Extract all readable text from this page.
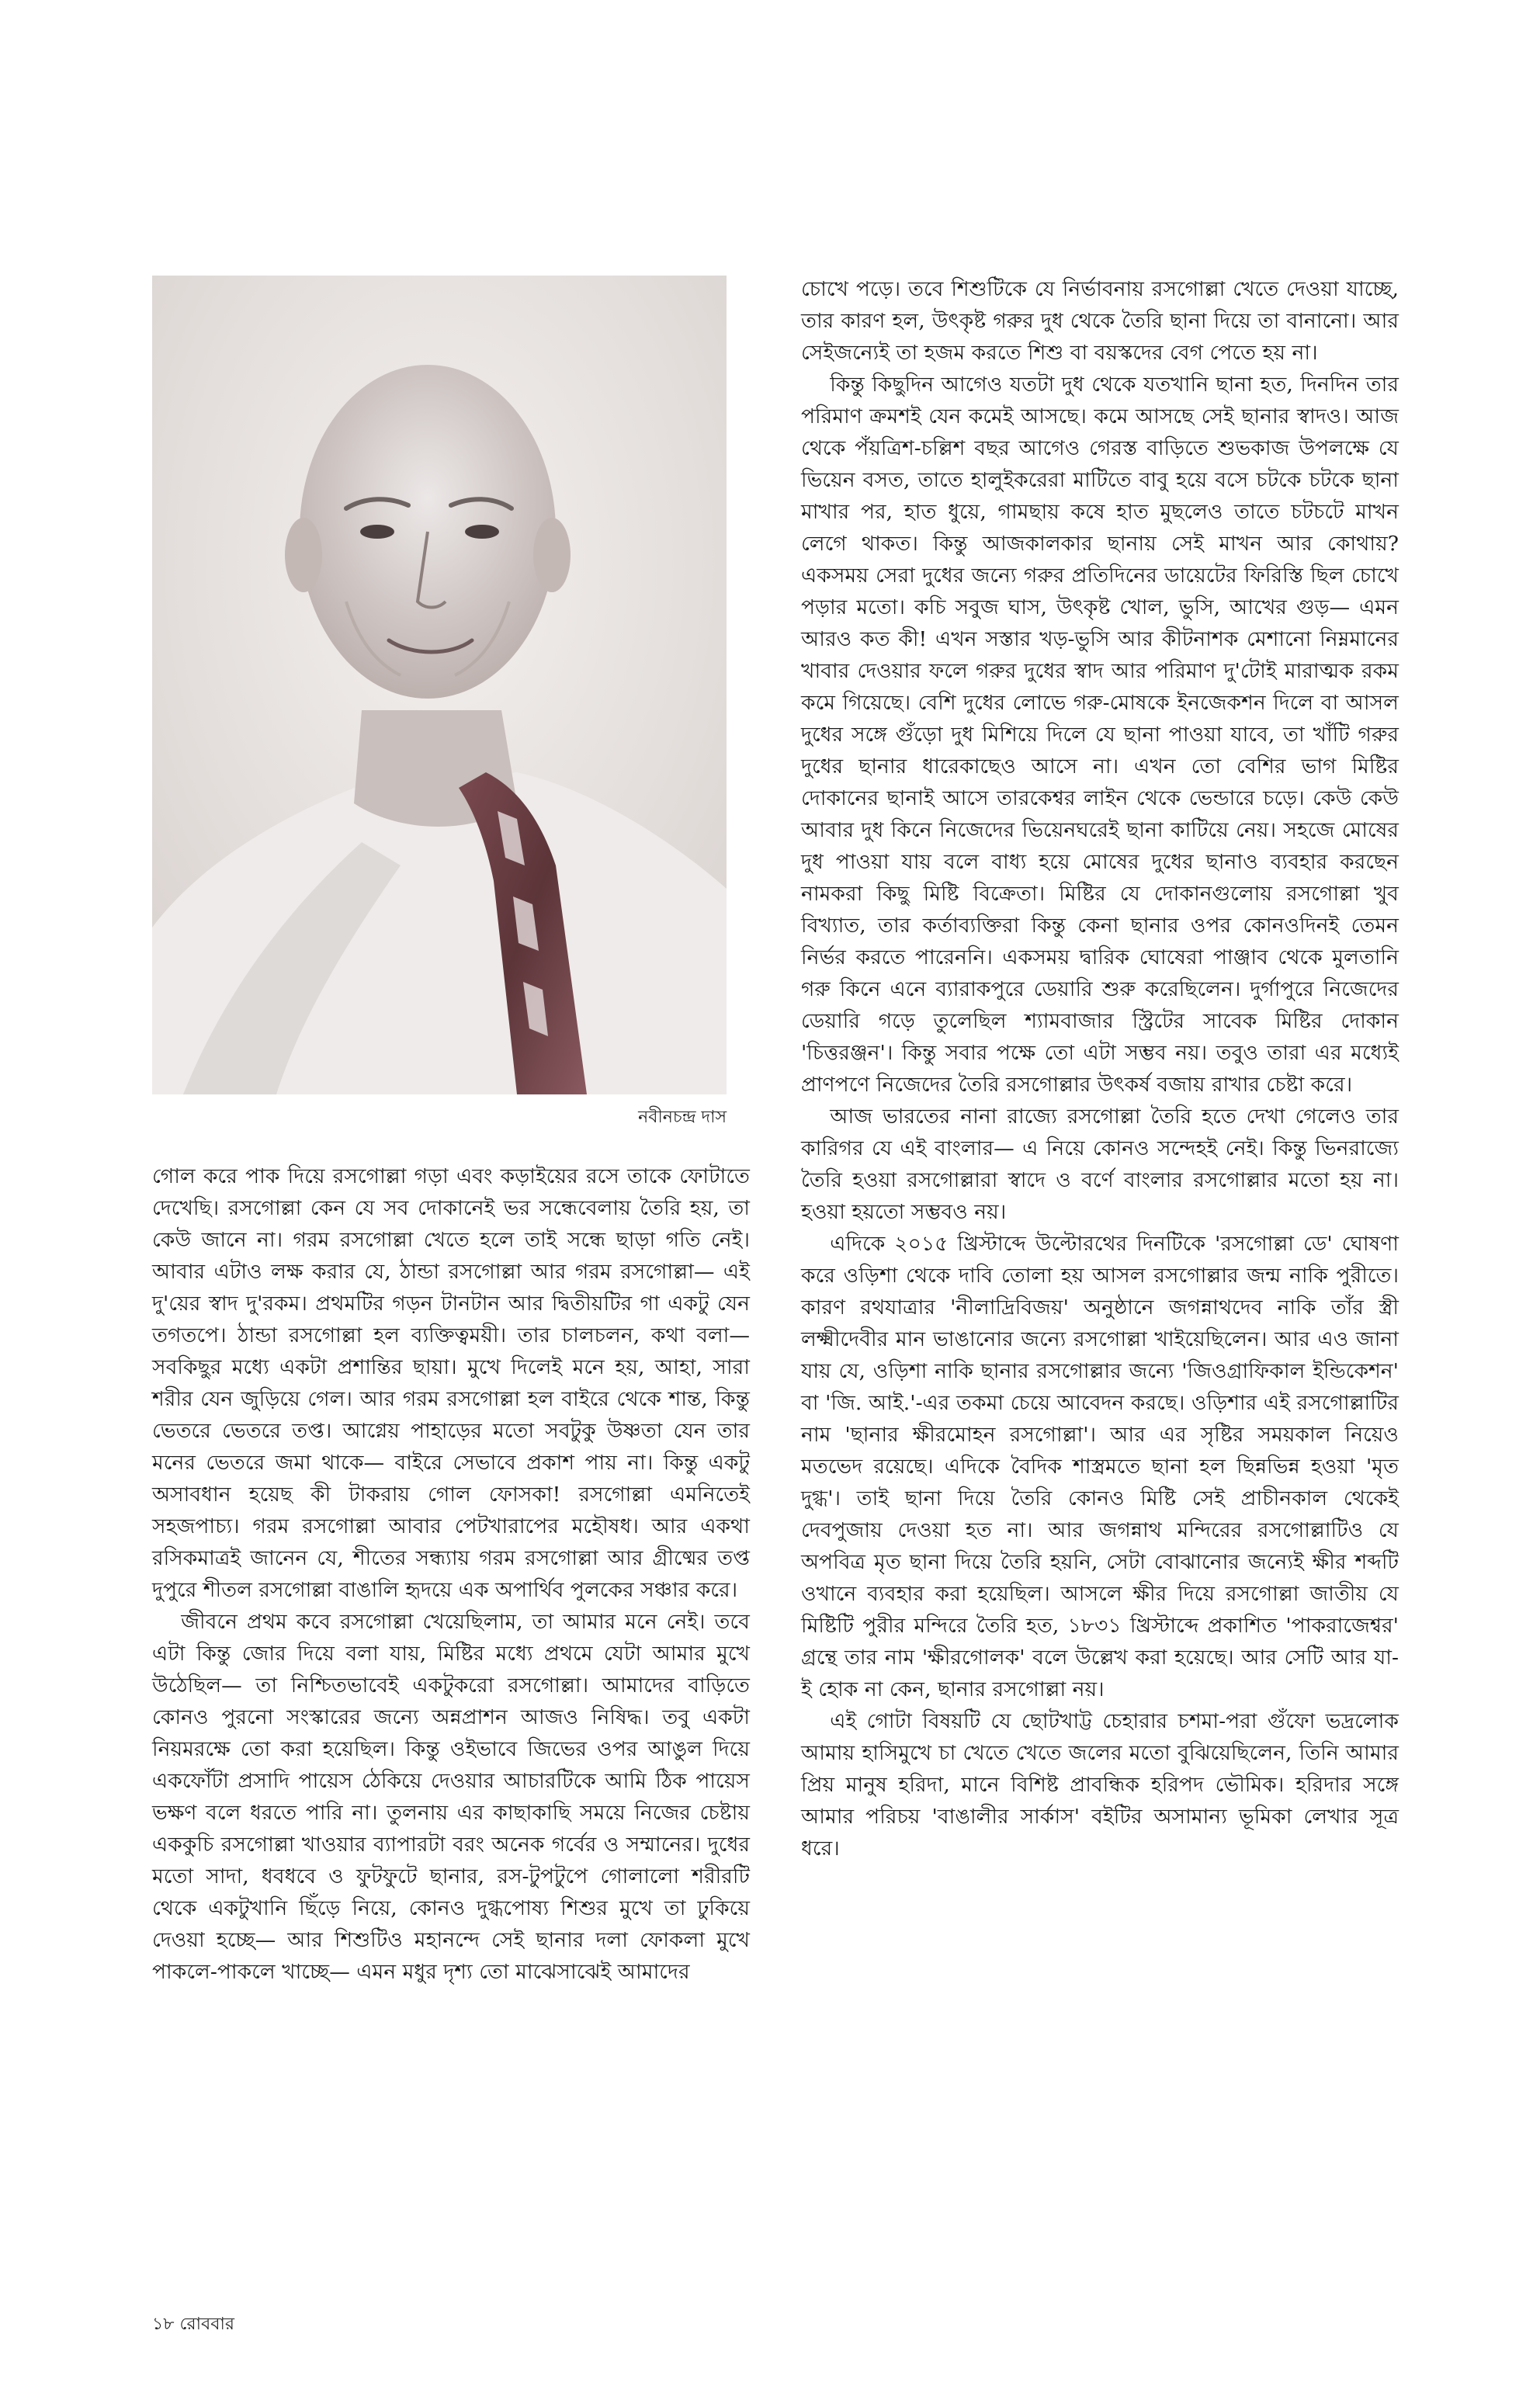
নবীনচন্দ্র দাস

গোল করে পাক দিয়ে রসগোল্লা গড়া এবং কড়াইয়ের রসে তাকে ফোটাতে দেখেছি। রসগোল্লা কেন যে সব দোকানেই ভর সন্ধেবেলায় তৈরি হয়, তা কেউ জানে না। গরম রসগোল্লা খেতে হলে তাই সন্ধে ছাড়া গতি নেই। আবার এটাও লক্ষ করার যে, ঠান্ডা রসগোল্লা আর গরম রসগোল্লা— এই দু'য়ের স্বাদ দু'রকম। প্রথমটির গড়ন টানটান আর দ্বিতীয়টির গা একটু যেন তগতপে। ঠান্ডা রসগোল্লা হল ব্যক্তিত্বময়ী। তার চালচলন, কথা বলা— সবকিছুর মধ্যে একটা প্রশান্তির ছায়া। মুখে দিলেই মনে হয়, আহা, সারা শরীর যেন জুড়িয়ে গেল। আর গরম রসগোল্লা হল বাইরে থেকে শান্ত, কিন্তু ভেতরে ভেতরে তপ্ত। আগ্নেয় পাহাড়ের মতো সবটুকু উষ্ণতা যেন তার মনের ভেতরে জমা থাকে— বাইরে সেভাবে প্রকাশ পায় না। কিন্তু একটু অসাবধান হয়েছ কী টাকরায় গোল ফোসকা! রসগোল্লা এমনিতেই সহজপাচ্য। গরম রসগোল্লা আবার পেটখারাপের মহৌষধ। আর একথা রসিকমাত্রই জানেন যে, শীতের সন্ধ্যায় গরম রসগোল্লা আর গ্রীষ্মের তপ্ত দুপুরে শীতল রসগোল্লা বাঙালি হৃদয়ে এক অপার্থিব পুলকের সঞ্চার করে।

জীবনে প্রথম কবে রসগোল্লা খেয়েছিলাম, তা আমার মনে নেই। তবে এটা কিন্তু জোর দিয়ে বলা যায়, মিষ্টির মধ্যে প্রথমে যেটা আমার মুখে উঠেছিল— তা নিশ্চিতভাবেই একটুকরো রসগোল্লা। আমাদের বাড়িতে কোনও পুরনো সংস্কারের জন্যে অন্নপ্রাশন আজও নিষিদ্ধ। তবু একটা নিয়মরক্ষে তো করা হয়েছিল। কিন্তু ওইভাবে জিভের ওপর আঙুল দিয়ে একফোঁটা প্রসাদি পায়েস ঠেকিয়ে দেওয়ার আচারটিকে আমি ঠিক পায়েস ভক্ষণ বলে ধরতে পারি না। তুলনায় এর কাছাকাছি সময়ে নিজের চেষ্টায় এককুচি রসগোল্লা খাওয়ার ব্যাপারটা বরং অনেক গর্বের ও সম্মানের। দুধের মতো সাদা, ধবধবে ও ফুটফুটে ছানার, রস-টুপটুপে গোলালো শরীরটি থেকে একটুখানি ছিঁড়ে নিয়ে, কোনও দুগ্ধপোষ্য শিশুর মুখে তা ঢুকিয়ে দেওয়া হচ্ছে— আর শিশুটিও মহানন্দে সেই ছানার দলা ফোকলা মুখে পাকলে-পাকলে খাচ্ছে— এমন মধুর দৃশ্য তো মাঝেসাঝেই আমাদের

চোখে পড়ে। তবে শিশুটিকে যে নির্ভাবনায় রসগোল্লা খেতে দেওয়া যাচ্ছে, তার কারণ হল, উৎকৃষ্ট গরুর দুধ থেকে তৈরি ছানা দিয়ে তা বানানো। আর সেইজন্যেই তা হজম করতে শিশু বা বয়স্কদের বেগ পেতে হয় না।

কিন্তু কিছুদিন আগেও যতটা দুধ থেকে যতখানি ছানা হত, দিনদিন তার পরিমাণ ক্রমশই যেন কমেই আসছে। কমে আসছে সেই ছানার স্বাদও। আজ থেকে পঁয়ত্রিশ-চল্লিশ বছর আগেও গেরস্ত বাড়িতে শুভকাজ উপলক্ষে যে ভিয়েন বসত, তাতে হালুইকরেরা মাটিতে বাবু হয়ে বসে চটকে চটকে ছানা মাখার পর, হাত ধুয়ে, গামছায় কষে হাত মুছলেও তাতে চটচটে মাখন লেগে থাকত। কিন্তু আজকালকার ছানায় সেই মাখন আর কোথায়? একসময় সেরা দুধের জন্যে গরুর প্রতিদিনের ডায়েটের ফিরিস্তি ছিল চোখে পড়ার মতো। কচি সবুজ ঘাস, উৎকৃষ্ট খোল, ভুসি, আখের গুড়— এমন আরও কত কী! এখন সস্তার খড়-ভুসি আর কীটনাশক মেশানো নিম্নমানের খাবার দেওয়ার ফলে গরুর দুধের স্বাদ আর পরিমাণ দু'টোই মারাত্মক রকম কমে গিয়েছে। বেশি দুধের লোভে গরু-মোষকে ইনজেকশন দিলে বা আসল দুধের সঙ্গে গুঁড়ো দুধ মিশিয়ে দিলে যে ছানা পাওয়া যাবে, তা খাঁটি গরুর দুধের ছানার ধারেকাছেও আসে না। এখন তো বেশির ভাগ মিষ্টির দোকানের ছানাই আসে তারকেশ্বর লাইন থেকে ভেন্ডারে চড়ে। কেউ কেউ আবার দুধ কিনে নিজেদের ভিয়েনঘরেই ছানা কাটিয়ে নেয়। সহজে মোষের দুধ পাওয়া যায় বলে বাধ্য হয়ে মোষের দুধের ছানাও ব্যবহার করছেন নামকরা কিছু মিষ্টি বিক্রেতা। মিষ্টির যে দোকানগুলোয় রসগোল্লা খুব বিখ্যাত, তার কর্তাব্যক্তিরা কিন্তু কেনা ছানার ওপর কোনওদিনই তেমন নির্ভর করতে পারেননি। একসময় দ্বারিক ঘোষেরা পাঞ্জাব থেকে মুলতানি গরু কিনে এনে ব্যারাকপুরে ডেয়ারি শুরু করেছিলেন। দুর্গাপুরে নিজেদের ডেয়ারি গড়ে তুলেছিল শ্যামবাজার স্ট্রিটের সাবেক মিষ্টির দোকান 'চিত্তরঞ্জন'। কিন্তু সবার পক্ষে তো এটা সম্ভব নয়। তবুও তারা এর মধ্যেই প্রাণপণে নিজেদের তৈরি রসগোল্লার উৎকর্ষ বজায় রাখার চেষ্টা করে।

আজ ভারতের নানা রাজ্যে রসগোল্লা তৈরি হতে দেখা গেলেও তার কারিগর যে এই বাংলার— এ নিয়ে কোনও সন্দেহই নেই। কিন্তু ভিনরাজ্যে তৈরি হওয়া রসগোল্লারা স্বাদে ও বর্ণে বাংলার রসগোল্লার মতো হয় না। হওয়া হয়তো সম্ভবও নয়।

এদিকে ২০১৫ খ্রিস্টাব্দে উল্টোরথের দিনটিকে 'রসগোল্লা ডে' ঘোষণা করে ওড়িশা থেকে দাবি তোলা হয় আসল রসগোল্লার জন্ম নাকি পুরীতে। কারণ রথযাত্রার 'নীলাদ্রিবিজয়' অনুষ্ঠানে জগন্নাথদেব নাকি তাঁর স্ত্রী লক্ষ্মীদেবীর মান ভাঙানোর জন্যে রসগোল্লা খাইয়েছিলেন। আর এও জানা যায় যে, ওড়িশা নাকি ছানার রসগোল্লার জন্যে 'জিওগ্রাফিকাল ইন্ডিকেশন' বা 'জি. আই.'-এর তকমা চেয়ে আবেদন করছে। ওড়িশার এই রসগোল্লাটির নাম 'ছানার ক্ষীরমোহন রসগোল্লা'। আর এর সৃষ্টির সময়কাল নিয়েও মতভেদ রয়েছে। এদিকে বৈদিক শাস্ত্রমতে ছানা হল ছিন্নভিন্ন হওয়া 'মৃত দুগ্ধ'। তাই ছানা দিয়ে তৈরি কোনও মিষ্টি সেই প্রাচীনকাল থেকেই দেবপুজায় দেওয়া হত না। আর জগন্নাথ মন্দিরের রসগোল্লাটিও যে অপবিত্র মৃত ছানা দিয়ে তৈরি হয়নি, সেটা বোঝানোর জন্যেই ক্ষীর শব্দটি ওখানে ব্যবহার করা হয়েছিল। আসলে ক্ষীর দিয়ে রসগোল্লা জাতীয় যে মিষ্টিটি পুরীর মন্দিরে তৈরি হত, ১৮৩১ খ্রিস্টাব্দে প্রকাশিত 'পাকরাজেশ্বর' গ্রন্থে তার নাম 'ক্ষীরগোলক' বলে উল্লেখ করা হয়েছে। আর সেটি আর যা-ই হোক না কেন, ছানার রসগোল্লা নয়।

এই গোটা বিষয়টি যে ছোটখাট্ট চেহারার চশমা-পরা গুঁফো ভদ্রলোক আমায় হাসিমুখে চা খেতে খেতে জলের মতো বুঝিয়েছিলেন, তিনি আমার প্রিয় মানুষ হরিদা, মানে বিশিষ্ট প্রাবন্ধিক হরিপদ ভৌমিক। হরিদার সঙ্গে আমার পরিচয় 'বাঙালীর সার্কাস' বইটির অসামান্য ভূমিকা লেখার সূত্র ধরে।

১৮ রোববার
